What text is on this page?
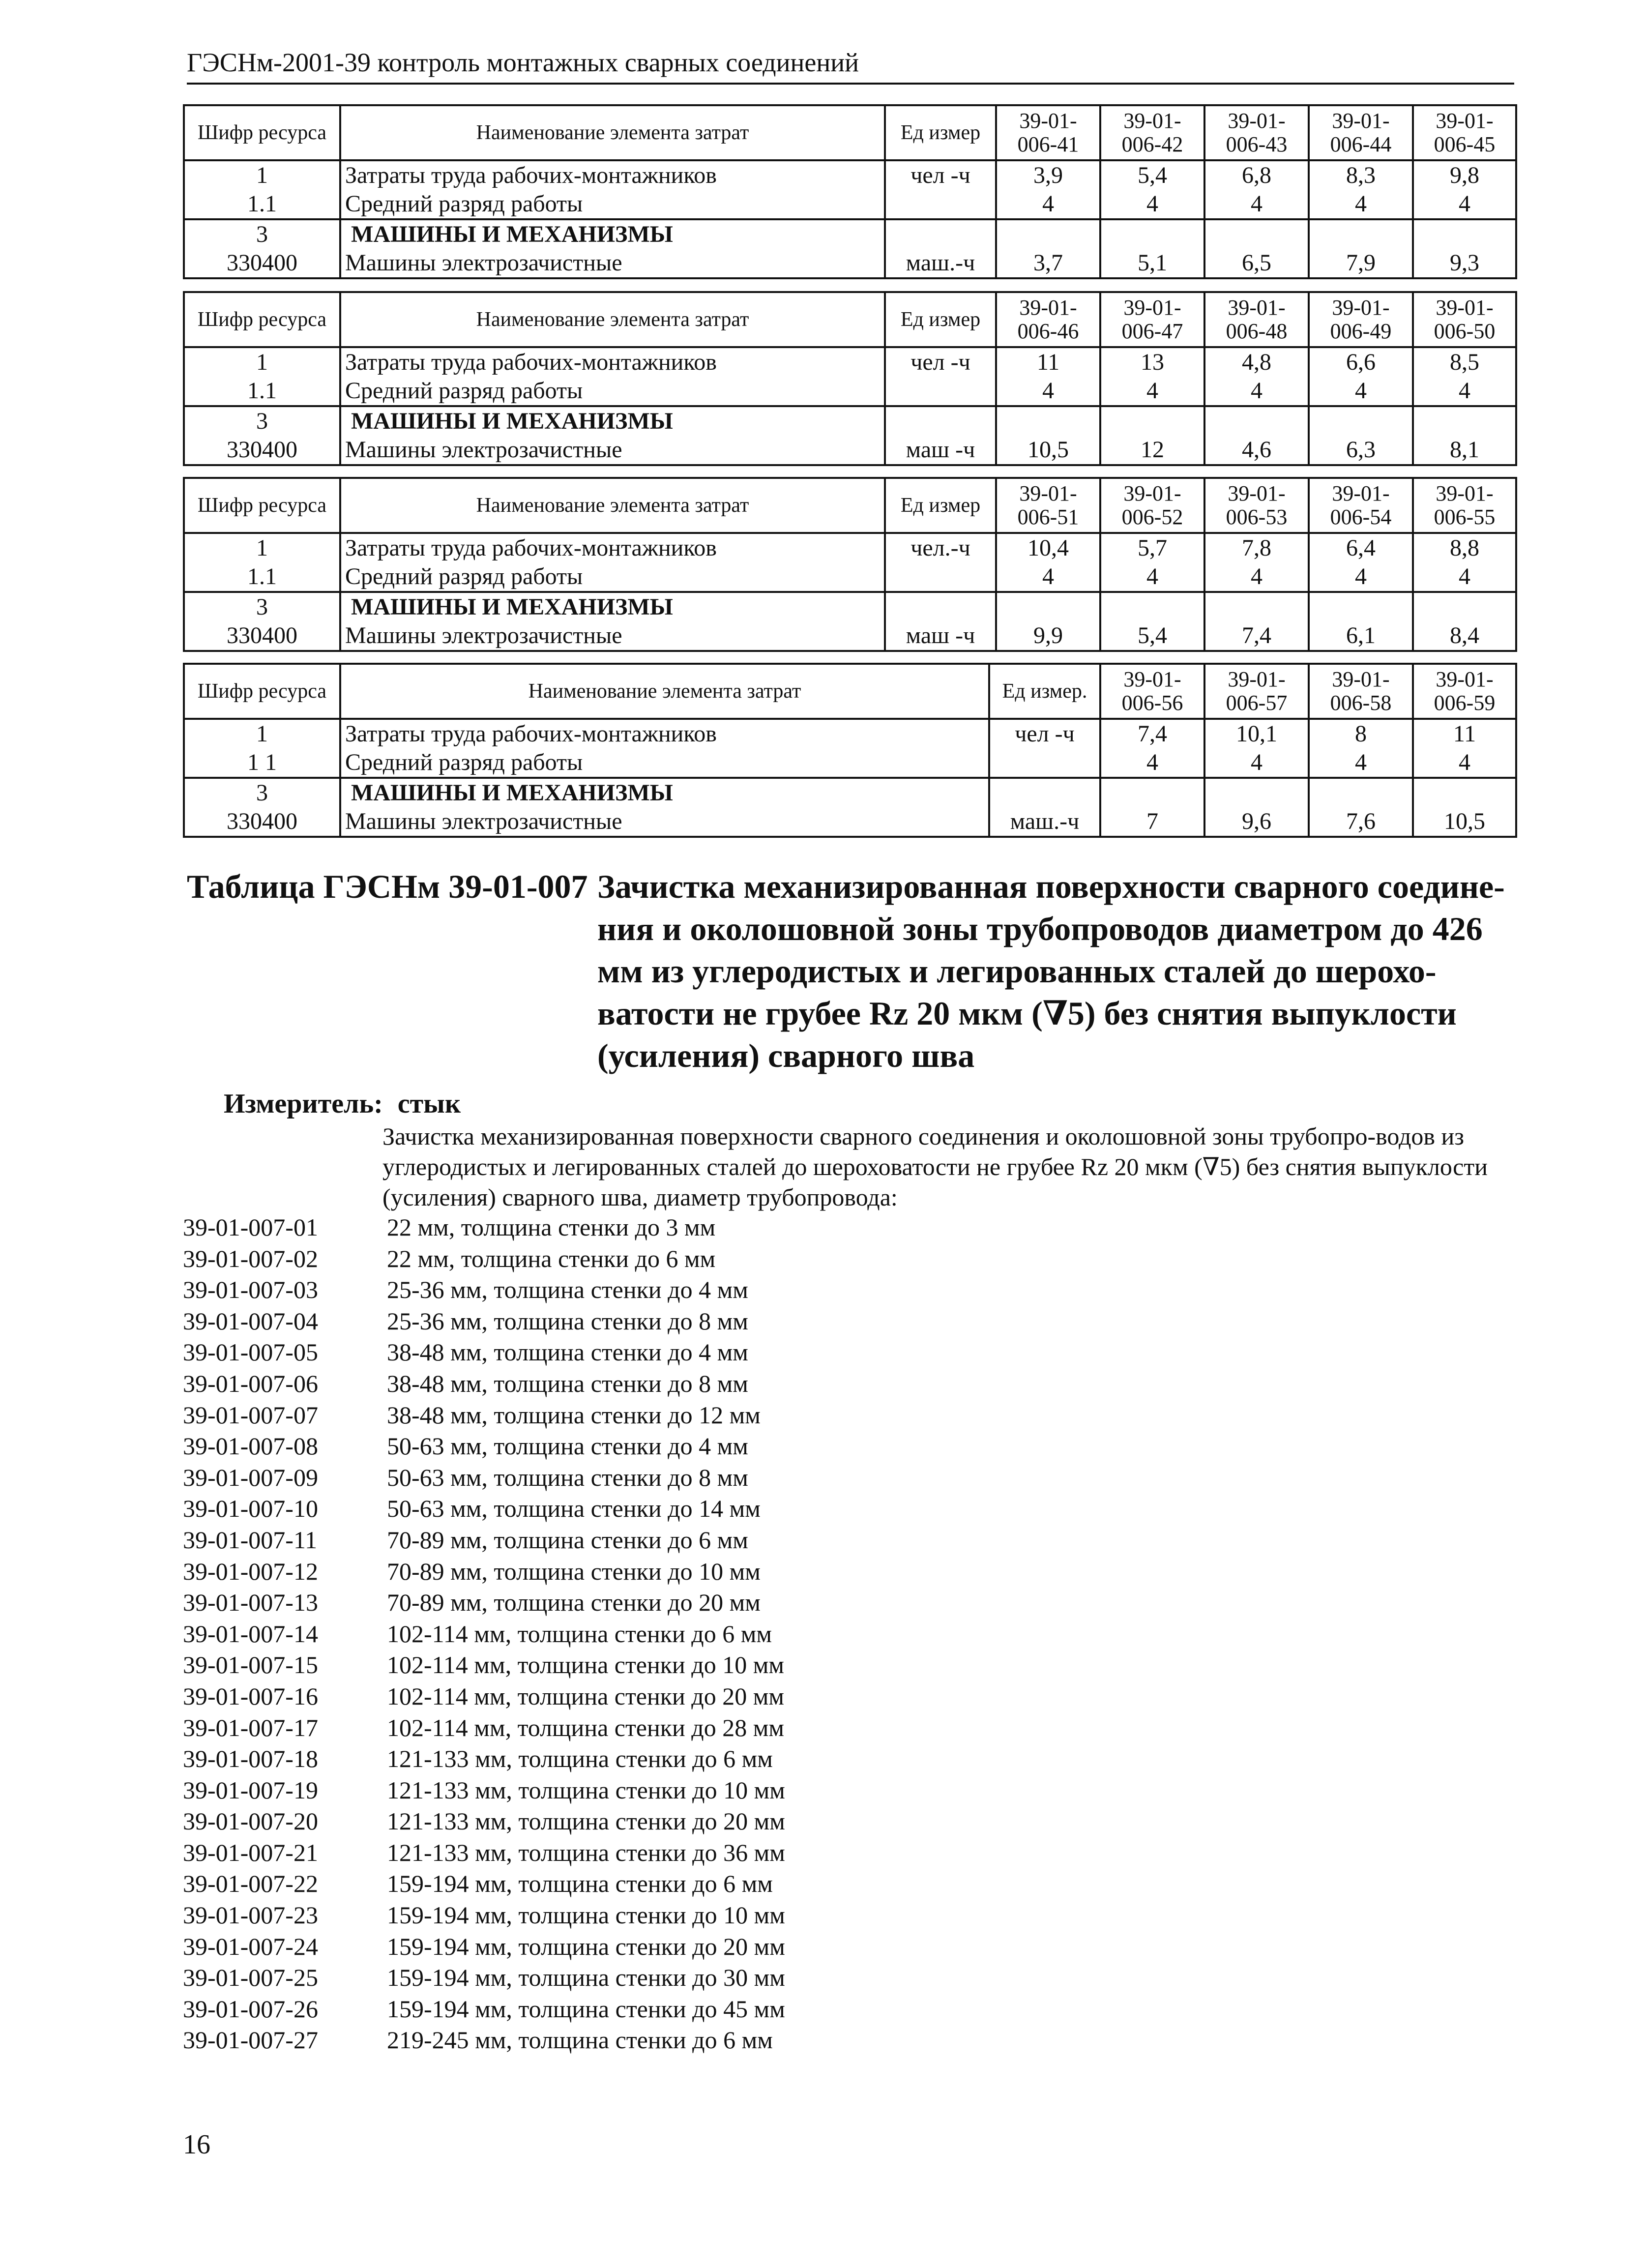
ГЭСНм-2001-39 контроль монтажных сварных соединений
Шифр ресурса	Наименование элемента затрат	Ед измер	39-01- 006-41	39-01- 006-42	39-01- 006-43	39-01- 006-44	39-01- 006-45
1	Затраты труда рабочих-монтажников	чел -ч	3,9	5,4	6,8	8,3	9,8
1.1	Средний разряд работы		4	4	4	4	4
3	МАШИНЫ И МЕХАНИЗМЫ						
330400	Машины электрозачистные	маш.-ч	3,7	5,1	6,5	7,9	9,3
Шифр ресурса	Наименование элемента затрат	Ед измер	39-01- 006-46	39-01- 006-47	39-01- 006-48	39-01- 006-49	39-01- 006-50
1	Затраты труда рабочих-монтажников	чел -ч	11	13	4,8	6,6	8,5
1.1	Средний разряд работы		4	4	4	4	4
3	МАШИНЫ И МЕХАНИЗМЫ						
330400	Машины электрозачистные	маш -ч	10,5	12	4,6	6,3	8,1
Шифр ресурса	Наименование элемента затрат	Ед измер	39-01- 006-51	39-01- 006-52	39-01- 006-53	39-01- 006-54	39-01- 006-55
1	Затраты труда рабочих-монтажников	чел.-ч	10,4	5,7	7,8	6,4	8,8
1.1	Средний разряд работы		4	4	4	4	4
3	МАШИНЫ И МЕХАНИЗМЫ						
330400	Машины электрозачистные	маш -ч	9,9	5,4	7,4	6,1	8,4
Шифр ресурса	Наименование элемента затрат	Ед измер.	39-01- 006-56	39-01- 006-57	39-01- 006-58	39-01- 006-59
1	Затраты труда рабочих-монтажников	чел -ч	7,4	10,1	8	11
1 1	Средний разряд работы		4	4	4	4
3	МАШИНЫ И МЕХАНИЗМЫ					
330400	Машины электрозачистные	маш.-ч	7	9,6	7,6	10,5
Таблица ГЭСНм 39-01-007 Зачистка механизированная поверхности сварного соедине-ния и околошовной зоны трубопроводов диаметром до 426 мм из углеродистых и легированных сталей до шерохо-ватости не грубее Rz 20 мкм (∇5) без снятия выпуклости (усиления) сварного шва
Измеритель: стык
Зачистка механизированная поверхности сварного соединения и околошовной зоны трубопро-водов из углеродистых и легированных сталей до шероховатости не грубее Rz 20 мкм (∇5) без снятия выпуклости (усиления) сварного шва, диаметр трубопровода:
39-01-007-01	22 мм, толщина стенки до 3 мм
39-01-007-02	22 мм, толщина стенки до 6 мм
39-01-007-03	25-36 мм, толщина стенки до 4 мм
39-01-007-04	25-36 мм, толщина стенки до 8 мм
39-01-007-05	38-48 мм, толщина стенки до 4 мм
39-01-007-06	38-48 мм, толщина стенки до 8 мм
39-01-007-07	38-48 мм, толщина стенки до 12 мм
39-01-007-08	50-63 мм, толщина стенки до 4 мм
39-01-007-09	50-63 мм, толщина стенки до 8 мм
39-01-007-10	50-63 мм, толщина стенки до 14 мм
39-01-007-11	70-89 мм, толщина стенки до 6 мм
39-01-007-12	70-89 мм, толщина стенки до 10 мм
39-01-007-13	70-89 мм, толщина стенки до 20 мм
39-01-007-14	102-114 мм, толщина стенки до 6 мм
39-01-007-15	102-114 мм, толщина стенки до 10 мм
39-01-007-16	102-114 мм, толщина стенки до 20 мм
39-01-007-17	102-114 мм, толщина стенки до 28 мм
39-01-007-18	121-133 мм, толщина стенки до 6 мм
39-01-007-19	121-133 мм, толщина стенки до 10 мм
39-01-007-20	121-133 мм, толщина стенки до 20 мм
39-01-007-21	121-133 мм, толщина стенки до 36 мм
39-01-007-22	159-194 мм, толщина стенки до 6 мм
39-01-007-23	159-194 мм, толщина стенки до 10 мм
39-01-007-24	159-194 мм, толщина стенки до 20 мм
39-01-007-25	159-194 мм, толщина стенки до 30 мм
39-01-007-26	159-194 мм, толщина стенки до 45 мм
39-01-007-27	219-245 мм, толщина стенки до 6 мм
16
